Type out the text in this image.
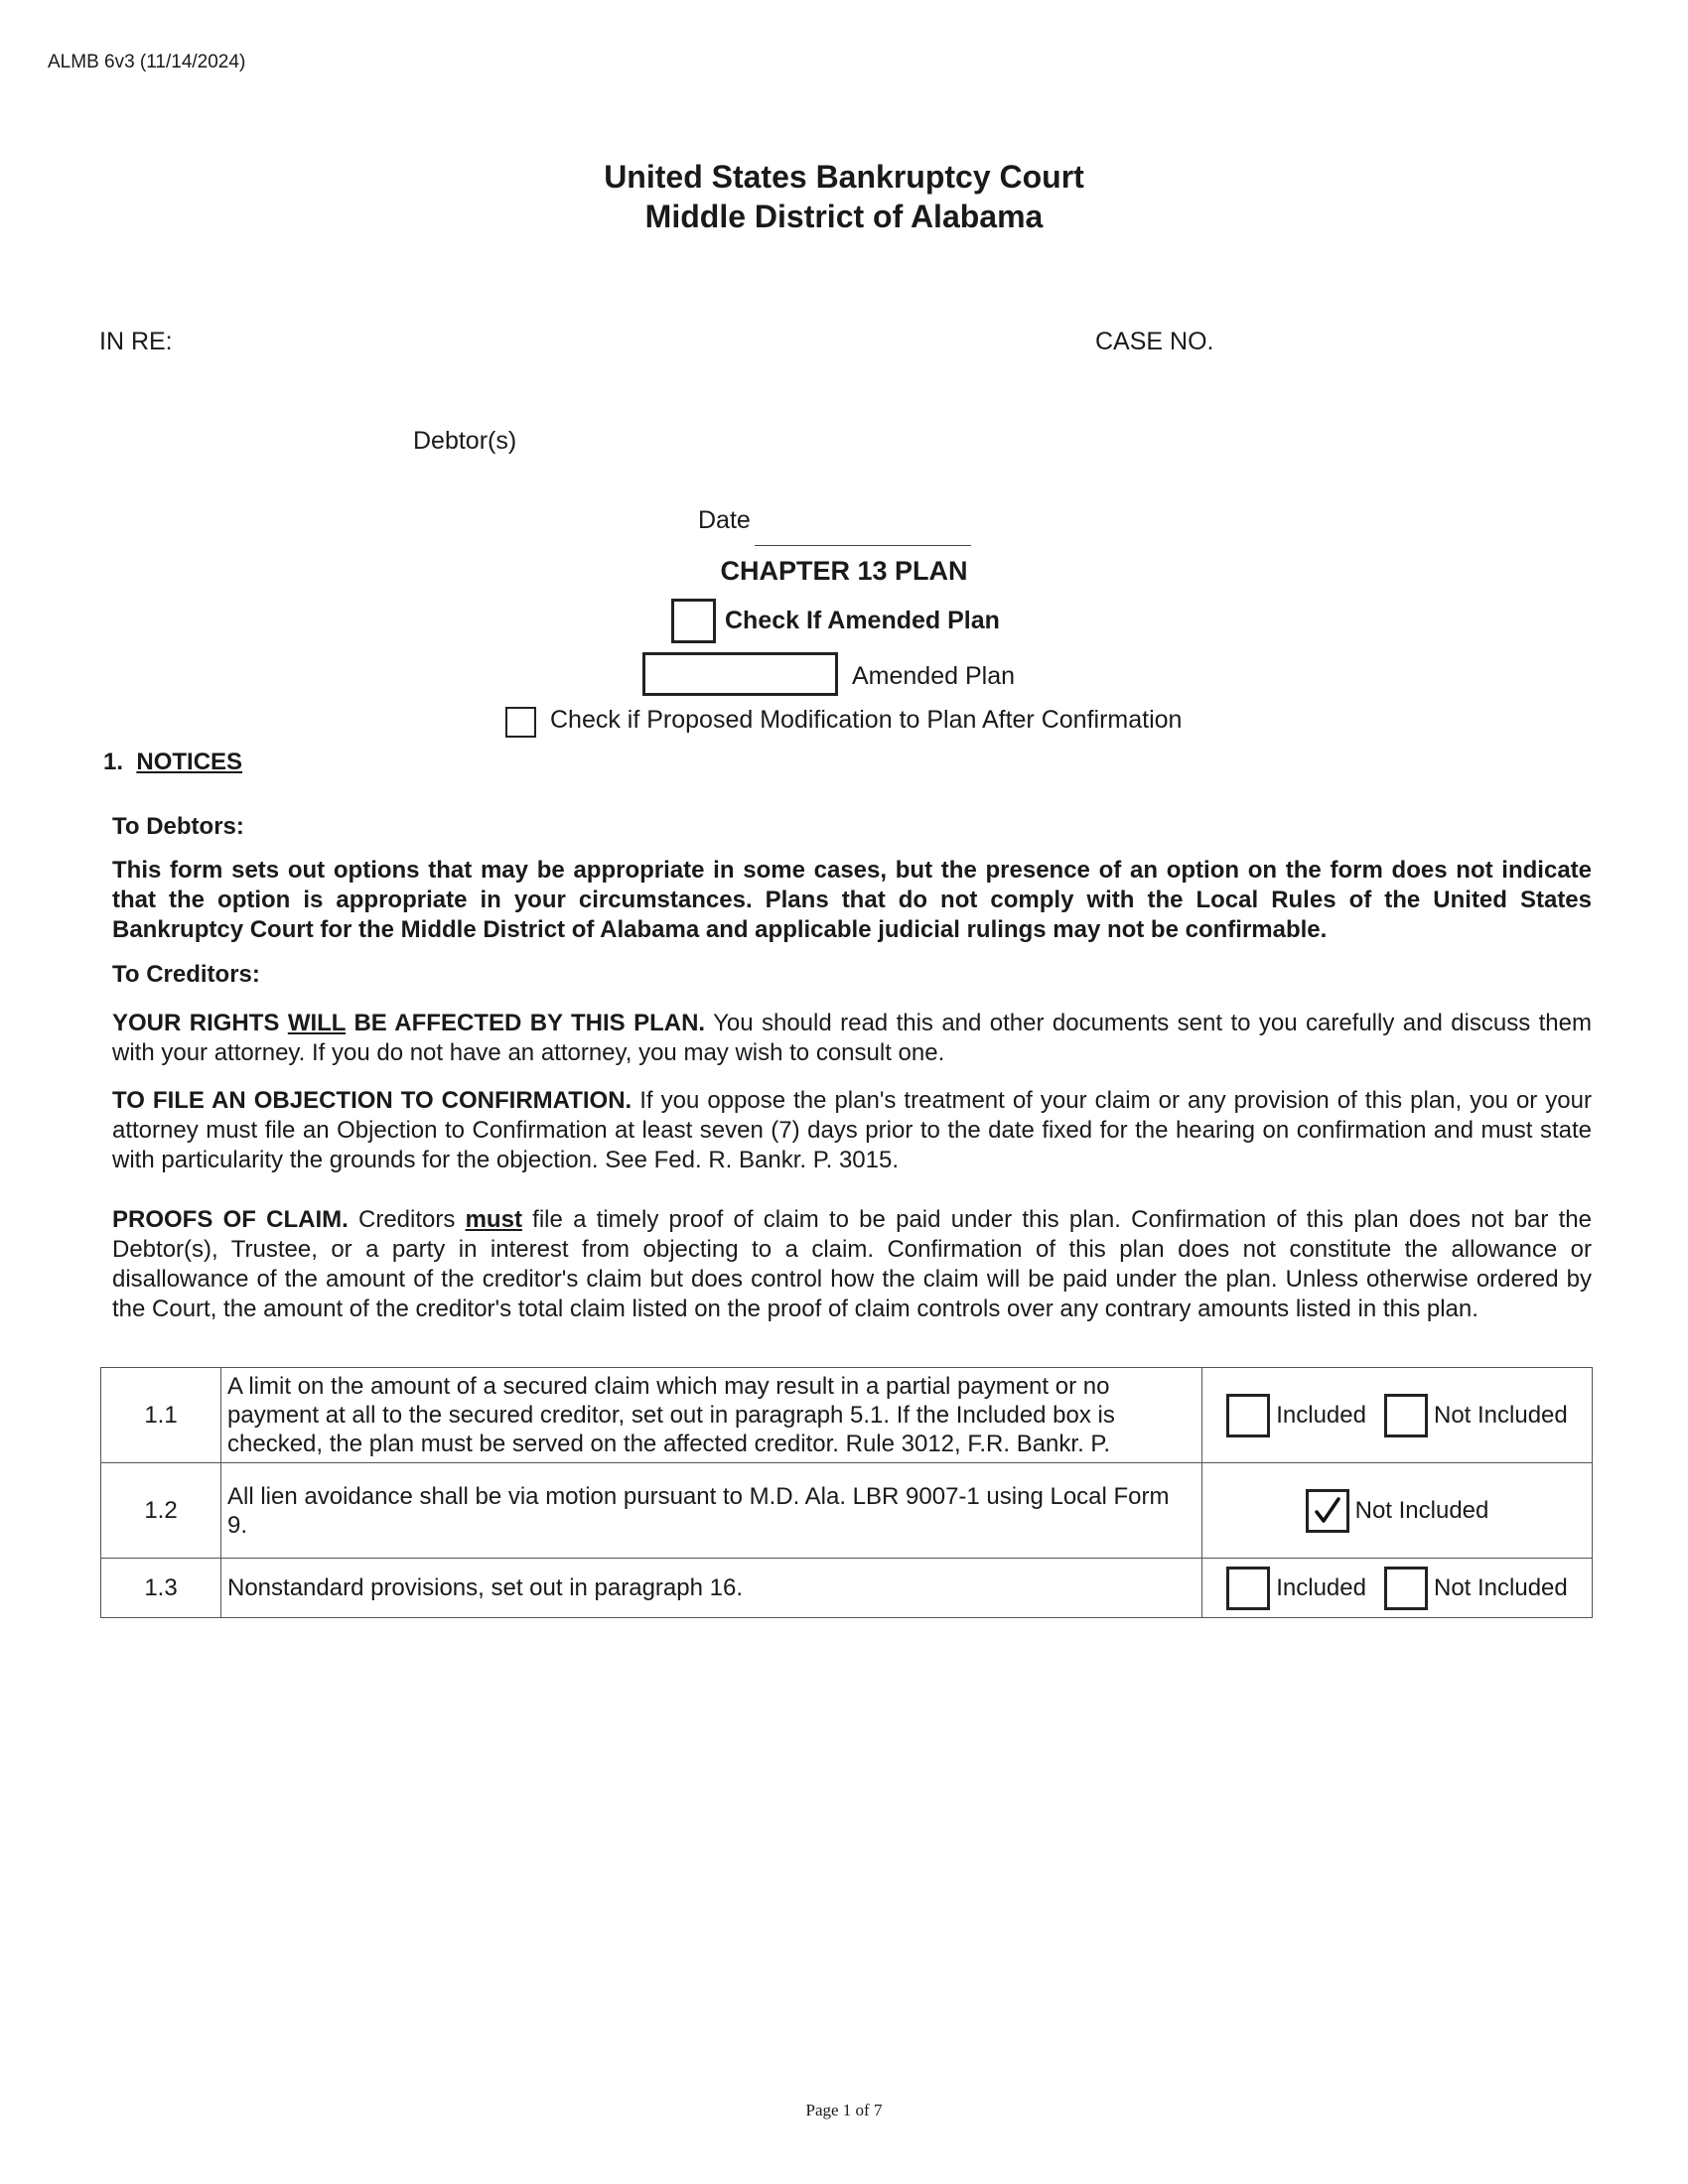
ALMB 6v3 (11/14/2024)
United States Bankruptcy Court
Middle District of Alabama
IN RE:	CASE NO.
Debtor(s)
Date
CHAPTER 13 PLAN
Check If Amended Plan
Amended Plan
Check if Proposed Modification to Plan After Confirmation
1. NOTICES
To Debtors:
This form sets out options that may be appropriate in some cases, but the presence of an option on the form does not indicate that the option is appropriate in your circumstances. Plans that do not comply with the Local Rules of the United States Bankruptcy Court for the Middle District of Alabama and applicable judicial rulings may not be confirmable.
To Creditors:
YOUR RIGHTS WILL BE AFFECTED BY THIS PLAN. You should read this and other documents sent to you carefully and discuss them with your attorney. If you do not have an attorney, you may wish to consult one.
TO FILE AN OBJECTION TO CONFIRMATION. If you oppose the plan's treatment of your claim or any provision of this plan, you or your attorney must file an Objection to Confirmation at least seven (7) days prior to the date fixed for the hearing on confirmation and must state with particularity the grounds for the objection. See Fed. R. Bankr. P. 3015.
PROOFS OF CLAIM. Creditors must file a timely proof of claim to be paid under this plan. Confirmation of this plan does not bar the Debtor(s), Trustee, or a party in interest from objecting to a claim. Confirmation of this plan does not constitute the allowance or disallowance of the amount of the creditor's claim but does control how the claim will be paid under the plan. Unless otherwise ordered by the Court, the amount of the creditor's total claim listed on the proof of claim controls over any contrary amounts listed in this plan.
1.1	A limit on the amount of a secured claim which may result in a partial payment or no payment at all to the secured creditor, set out in paragraph 5.1. If the Included box is checked, the plan must be served on the affected creditor. Rule 3012, F.R. Bankr. P.	Included Not Included

1.2	All lien avoidance shall be via motion pursuant to M.D. Ala. LBR 9007-1 using Local Form 9.	Not Included

1.3	Nonstandard provisions, set out in paragraph 16.	Included Not Included
Page 1 of 7
